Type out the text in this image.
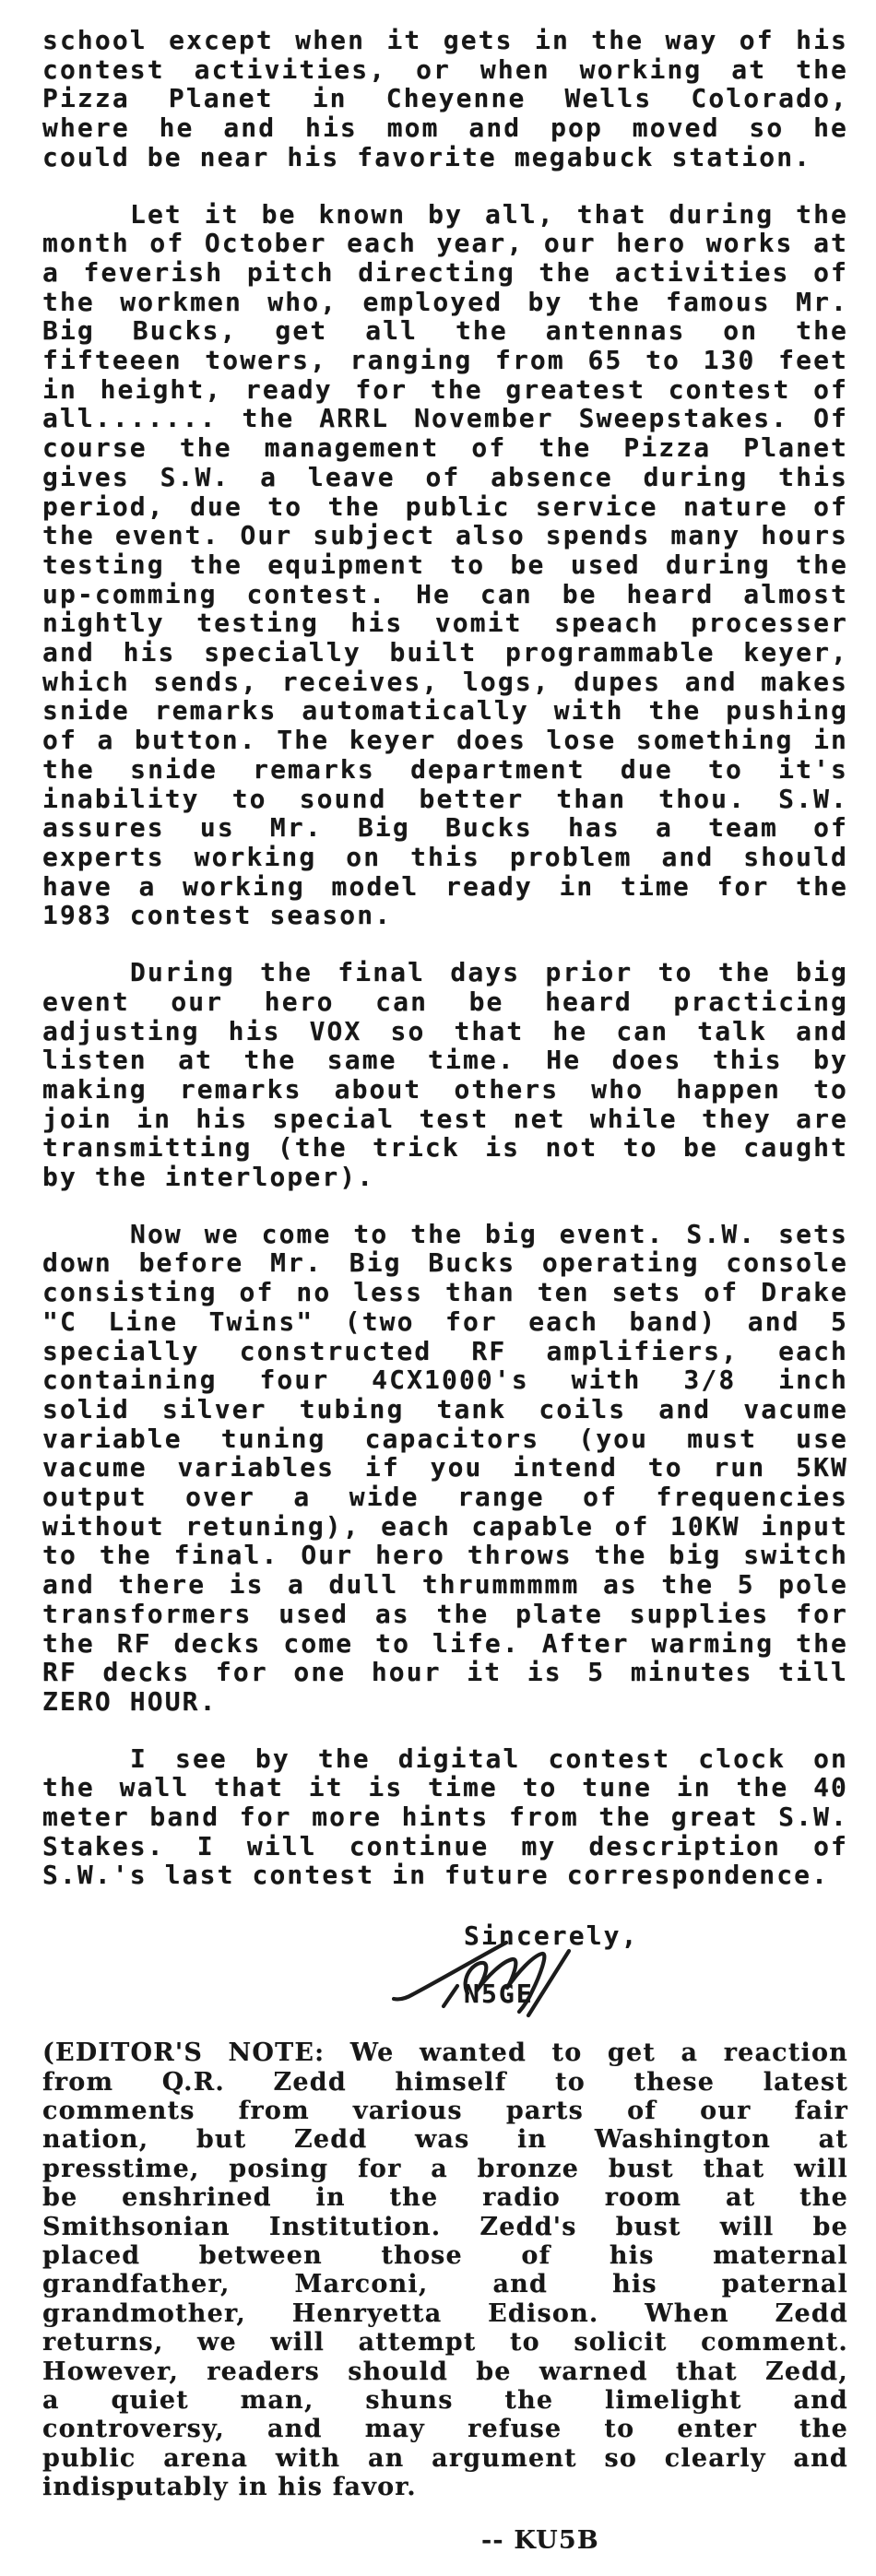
school except when it gets in the way of his
contest activities, or when working at the
Pizza Planet in Cheyenne Wells Colorado,
where he and his mom and pop moved so he
could be near his favorite megabuck station.
Let it be known by all, that during the
month of October each year, our hero works at
a feverish pitch directing the activities of
the workmen who, employed by the famous Mr.
Big Bucks, get all the antennas on the
fifteeen towers, ranging from 65 to 130 feet
in height, ready for the greatest contest of
all....... the ARRL November Sweepstakes. Of
course the management of the Pizza Planet
gives S.W. a leave of absence during this
period, due to the public service nature of
the event. Our subject also spends many hours
testing the equipment to be used during the
up-comming contest. He can be heard almost
nightly testing his vomit speach processer
and his specially built programmable keyer,
which sends, receives, logs, dupes and makes
snide remarks automatically with the pushing
of a button. The keyer does lose something in
the snide remarks department due to it's
inability to sound better than thou. S.W.
assures us Mr. Big Bucks has a team of
experts working on this problem and should
have a working model ready in time for the
1983 contest season.
During the final days prior to the big
event our hero can be heard practicing
adjusting his VOX so that he can talk and
listen at the same time. He does this by
making remarks about others who happen to
join in his special test net while they are
transmitting (the trick is not to be caught
by the interloper).
Now we come to the big event. S.W. sets
down before Mr. Big Bucks operating console
consisting of no less than ten sets of Drake
"C Line Twins" (two for each band) and 5
specially constructed RF amplifiers, each
containing four 4CX1000's with 3/8 inch
solid silver tubing tank coils and vacume
variable tuning capacitors (you must use
vacume variables if you intend to run 5KW
output over a wide range of frequencies
without retuning), each capable of 10KW input
to the final. Our hero throws the big switch
and there is a dull thrummmmm as the 5 pole
transformers used as the plate supplies for
the RF decks come to life. After warming the
RF decks for one hour it is 5 minutes till
ZERO HOUR.
I see by the digital contest clock on
the wall that it is time to tune in the 40
meter band for more hints from the great S.W.
Stakes. I will continue my description of
S.W.'s last contest in future correspondence.
Sincerely,
N5GE
(EDITOR'S NOTE: We wanted to get a reaction
from Q.R. Zedd himself to these latest
comments from various parts of our fair
nation, but Zedd was in Washington at
presstime, posing for a bronze bust that will
be enshrined in the radio room at the
Smithsonian Institution. Zedd's bust will be
placed between those of his maternal
grandfather, Marconi, and his paternal
grandmother, Henryetta Edison. When Zedd
returns, we will attempt to solicit comment.
However, readers should be warned that Zedd,
a quiet man, shuns the limelight and
controversy, and may refuse to enter the
public arena with an argument so clearly and
indisputably in his favor.
-- KU5B
